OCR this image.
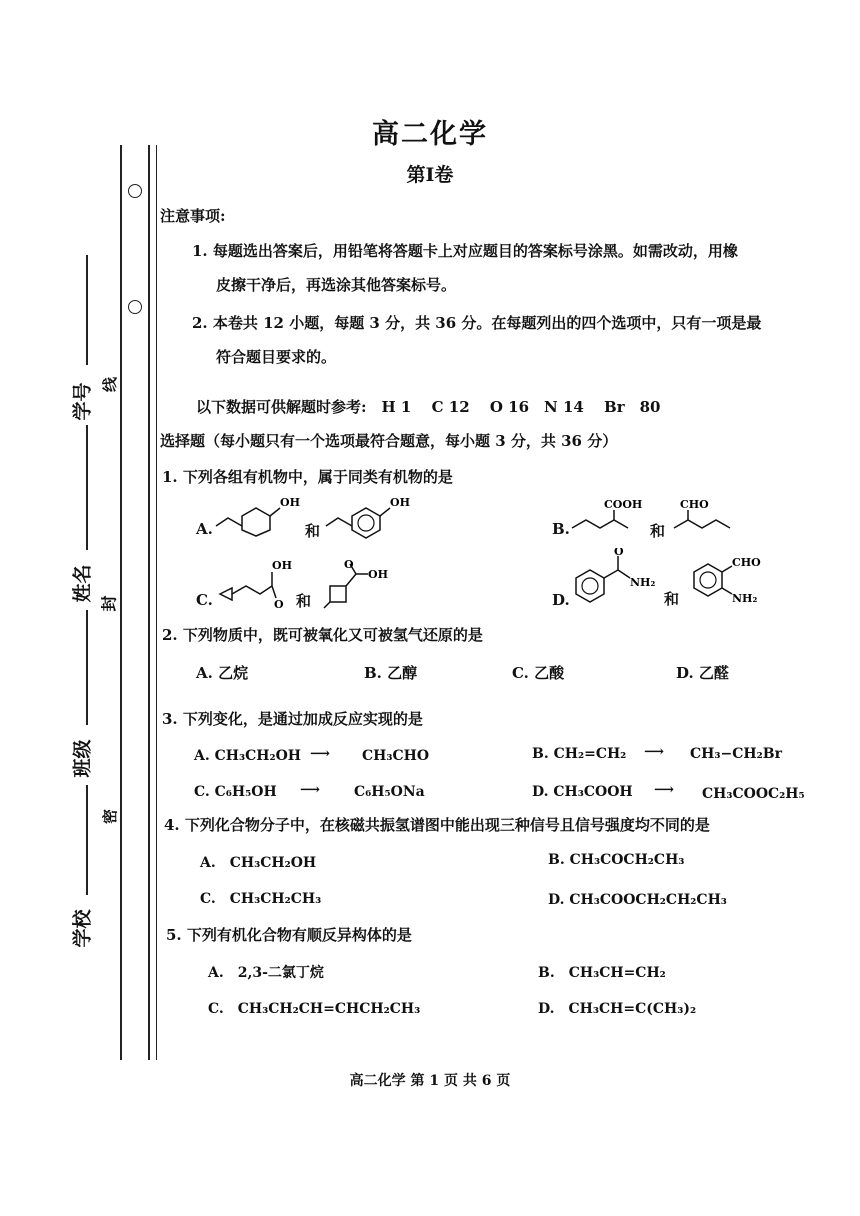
线
封
密
学号
姓名
班级
学校
高二化学
第I卷
注意事项:
1. 每题选出答案后，用铅笔将答题卡上对应题目的答案标号涂黑。如需改动，用橡
皮擦干净后，再选涂其他答案标号。
2. 本卷共 12 小题，每题 3 分，共 36 分。在每题列出的四个选项中，只有一项是最
符合题目要求的。
以下数据可供解题时参考:　H 1　 C 12　 O 16　N 14　 Br　80
选择题（每小题只有一个选项最符合题意，每小题 3 分，共 36 分）
1. 下列各组有机物中，属于同类有机物的是
A.
OH
和
OH
B.
COOH
和
CHO
C.
OH
O 和
OH
O
D.
O
NH₂
和
CHO
NH₂
2. 下列物质中，既可被氧化又可被氢气还原的是
A. 乙烷	B. 乙醇	C. 乙酸	D. 乙醛
3. 下列变化，是通过加成反应实现的是
A. CH₃CH₂OH ⟶ CH₃CHO	B. CH₂=CH₂ ⟶ CH₃−CH₂Br
C. C₆H₅OH ⟶ C₆H₅ONa	D. CH₃COOH ⟶ CH₃COOC₂H₅
4. 下列化合物分子中，在核磁共振氢谱图中能出现三种信号且信号强度均不同的是
A.　CH₃CH₂OH	B. CH₃COCH₂CH₃
C.　CH₃CH₂CH₃	D. CH₃COOCH₂CH₂CH₃
5. 下列有机化合物有顺反异构体的是
A.　2,3-二氯丁烷	B.　CH₃CH=CH₂
C.　CH₃CH₂CH=CHCH₂CH₃	D.　CH₃CH=C(CH₃)₂
高二化学 第 1 页 共 6 页
